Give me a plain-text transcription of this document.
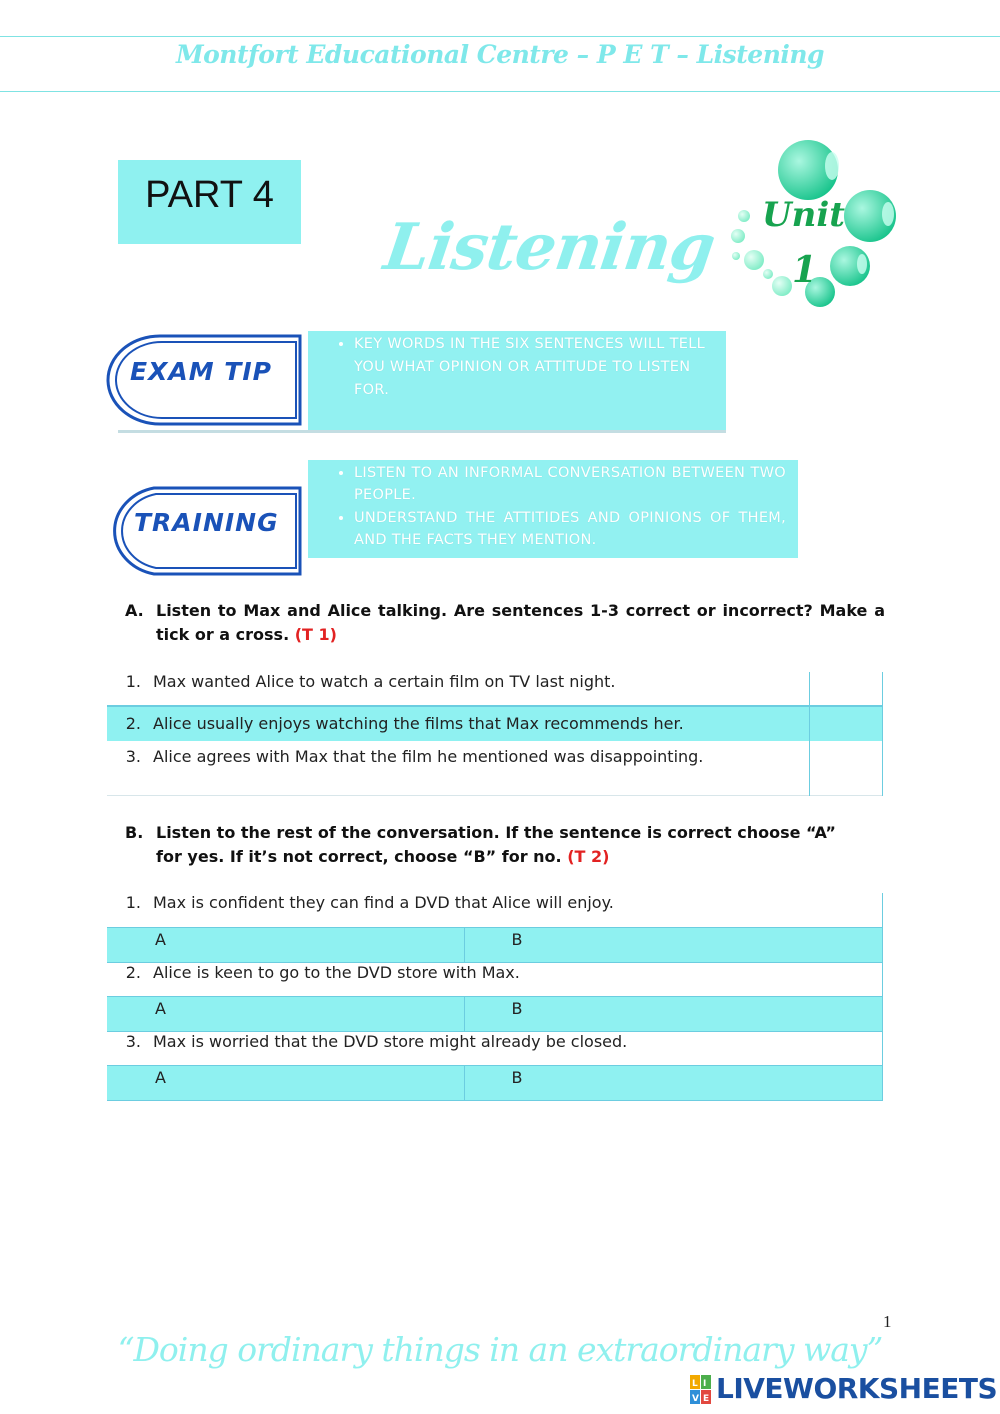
Montfort Educational Centre – P E T – Listening
PART 4
Listening Unit
1
EXAM TIP
• KEY WORDS IN THE SIX SENTENCES WILL TELL YOU WHAT OPINION OR ATTITUDE TO LISTEN FOR.
TRAINING
• LISTEN TO AN INFORMAL CONVERSATION BETWEEN TWO PEOPLE.
• UNDERSTAND THE ATTITIDES AND OPINIONS OF THEM, AND THE FACTS THEY MENTION.
A. Listen to Max and Alice talking. Are sentences 1-3 correct or incorrect? Make a tick or a cross. (T 1)
1.	Max wanted Alice to watch a certain film on TV last night.	
2.	Alice usually enjoys watching the films that Max recommends her.	
3.	Alice agrees with Max that the film he mentioned was disappointing.	
B. Listen to the rest of the conversation. If the sentence is correct choose “A” for yes. If it’s not correct, choose “B” for no. (T 2)
1.	Max is confident they can find a DVD that Alice will enjoy.	
	A	B
2.	Alice is keen to go to the DVD store with Max.	
	A	B
3.	Max is worried that the DVD store might already be closed.	
	A	B
1
“Doing ordinary things in an extraordinary way”
L I
V E LIVEWORKSHEETS
